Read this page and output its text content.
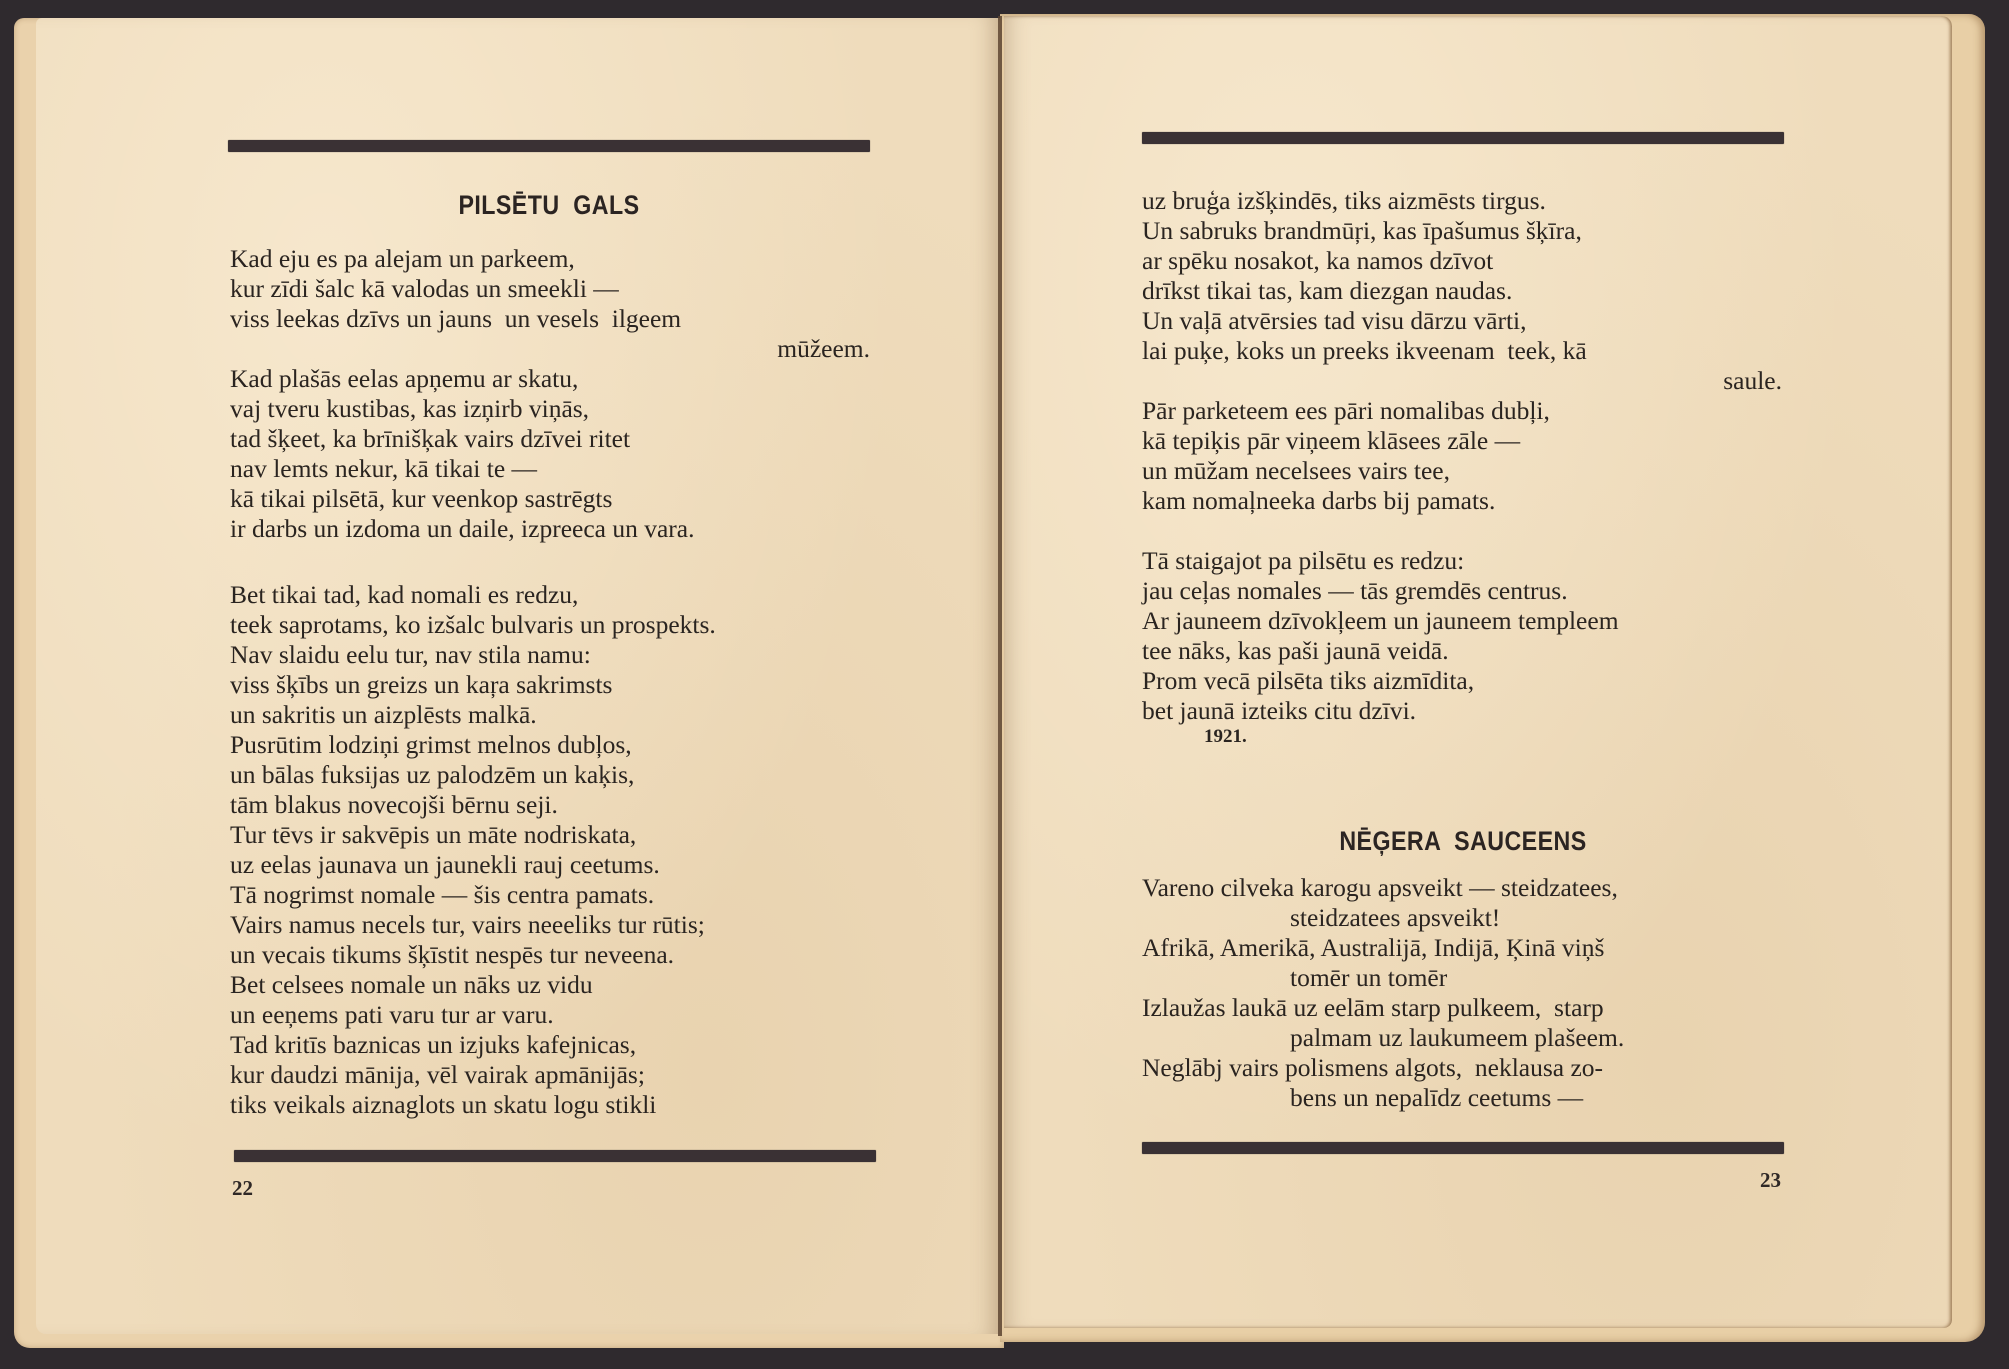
PILSĒTU  GALS
Kad eju es pa alejam un parkeem,
kur zīdi šalc kā valodas un smeekli —
viss leekas dzīvs un jauns  un vesels  ilgeem
mūžeem.
Kad plašās eelas apņemu ar skatu,
vaj tveru kustibas, kas izņirb viņās,
tad šķeet, ka brīnišķak vairs dzīvei ritet
nav lemts nekur, kā tikai te —
kā tikai pilsētā, kur veenkop sastrēgts
ir darbs un izdoma un daile, izpreeca un vara.
Bet tikai tad, kad nomali es redzu,
teek saprotams, ko izšalc bulvaris un prospekts.
Nav slaidu eelu tur, nav stila namu:
viss šķībs un greizs un kaŗa sakrimsts
un sakritis un aizplēsts malkā.
Pusrūtim lodziņi grimst melnos dubļos,
un bālas fuksijas uz palodzēm un kaķis,
tām blakus novecojši bērnu seji.
Tur tēvs ir sakvēpis un māte nodriskata,
uz eelas jaunava un jaunekli rauj ceetums.
Tā nogrimst nomale — šis centra pamats.
Vairs namus necels tur, vairs neeeliks tur rūtis;
un vecais tikums šķīstit nespēs tur neveena.
Bet celsees nomale un nāks uz vidu
un eeņems pati varu tur ar varu.
Tad kritīs baznicas un izjuks kafejnicas,
kur daudzi mānija, vēl vairak apmānijās;
tiks veikals aiznaglots un skatu logu stikli
22
uz bruģa izšķindēs, tiks aizmēsts tirgus.
Un sabruks brandmūŗi, kas īpašumus šķīra,
ar spēku nosakot, ka namos dzīvot
drīkst tikai tas, kam diezgan naudas.
Un vaļā atvērsies tad visu dārzu vārti,
lai puķe, koks un preeks ikveenam  teek, kā
saule.
Pār parketeem ees pāri nomalibas dubļi,
kā tepiķis pār viņeem klāsees zāle —
un mūžam necelsees vairs tee,
kam nomaļneeka darbs bij pamats.
Tā staigajot pa pilsētu es redzu:
jau ceļas nomales — tās gremdēs centrus.
Ar jauneem dzīvokļeem un jauneem templeem
tee nāks, kas paši jaunā veidā.
Prom vecā pilsēta tiks aizmīdita,
bet jaunā izteiks citu dzīvi.
1921.
NĒĢERA  SAUCEENS
Vareno cilveka karogu apsveikt — steidzatees,
steidzatees apsveikt!
Afrikā, Amerikā, Australijā, Indijā, Ķinā viņš
tomēr un tomēr
Izlaužas laukā uz eelām starp pulkeem,  starp
palmam uz laukumeem plašeem.
Neglābj vairs polismens algots,  neklausa zo-
bens un nepalīdz ceetums —
23
